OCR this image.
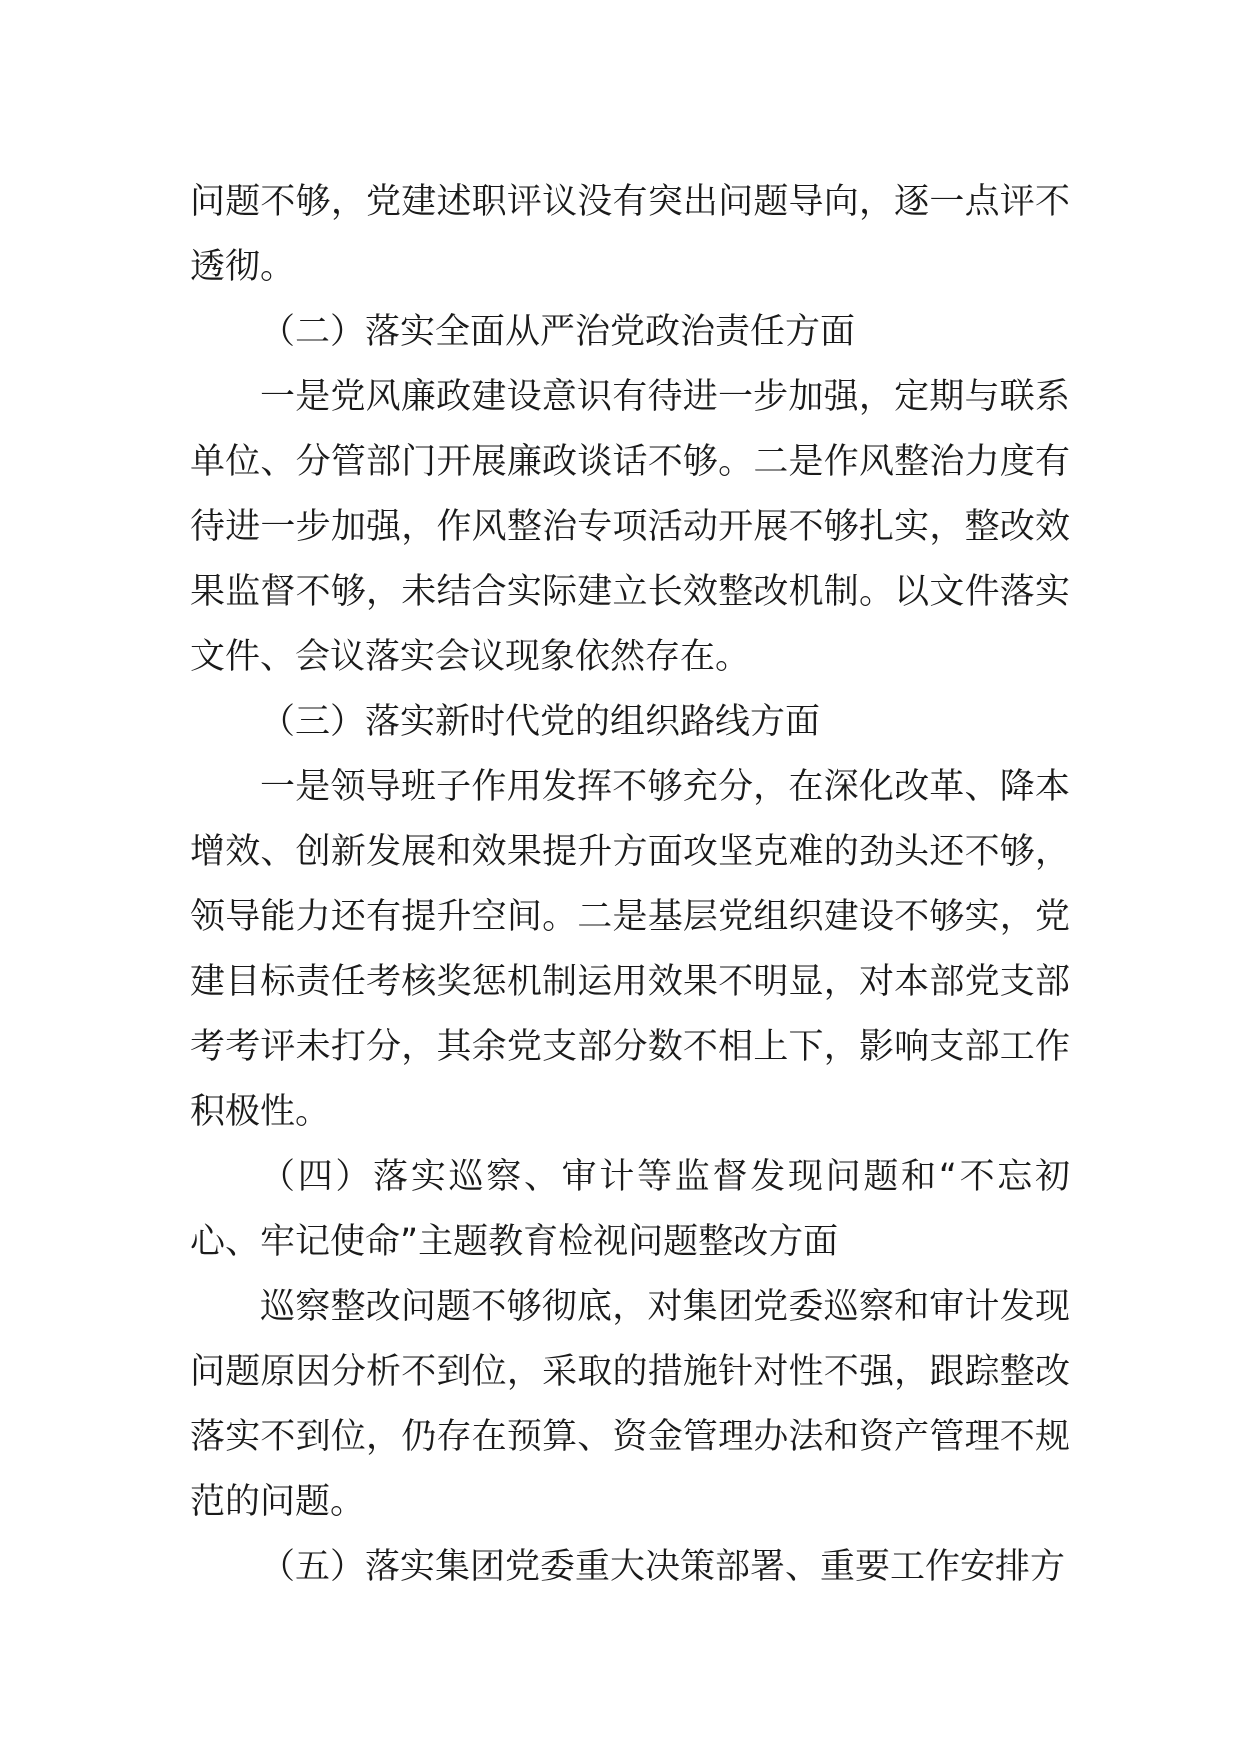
问题不够，党建述职评议没有突出问题导向，逐一点评不透彻。

（二）落实全面从严治党政治责任方面

一是党风廉政建设意识有待进一步加强，定期与联系单位、分管部门开展廉政谈话不够。二是作风整治力度有待进一步加强，作风整治专项活动开展不够扎实，整改效果监督不够，未结合实际建立长效整改机制。以文件落实文件、会议落实会议现象依然存在。

（三）落实新时代党的组织路线方面

一是领导班子作用发挥不够充分，在深化改革、降本增效、创新发展和效果提升方面攻坚克难的劲头还不够，领导能力还有提升空间。二是基层党组织建设不够实，党建目标责任考核奖惩机制运用效果不明显，对本部党支部考考评未打分，其余党支部分数不相上下，影响支部工作积极性。

（四）落实巡察、审计等监督发现问题和“不忘初心、牢记使命”主题教育检视问题整改方面

巡察整改问题不够彻底，对集团党委巡察和审计发现问题原因分析不到位，采取的措施针对性不强，跟踪整改落实不到位，仍存在预算、资金管理办法和资产管理不规范的问题。

（五）落实集团党委重大决策部署、重要工作安排方
